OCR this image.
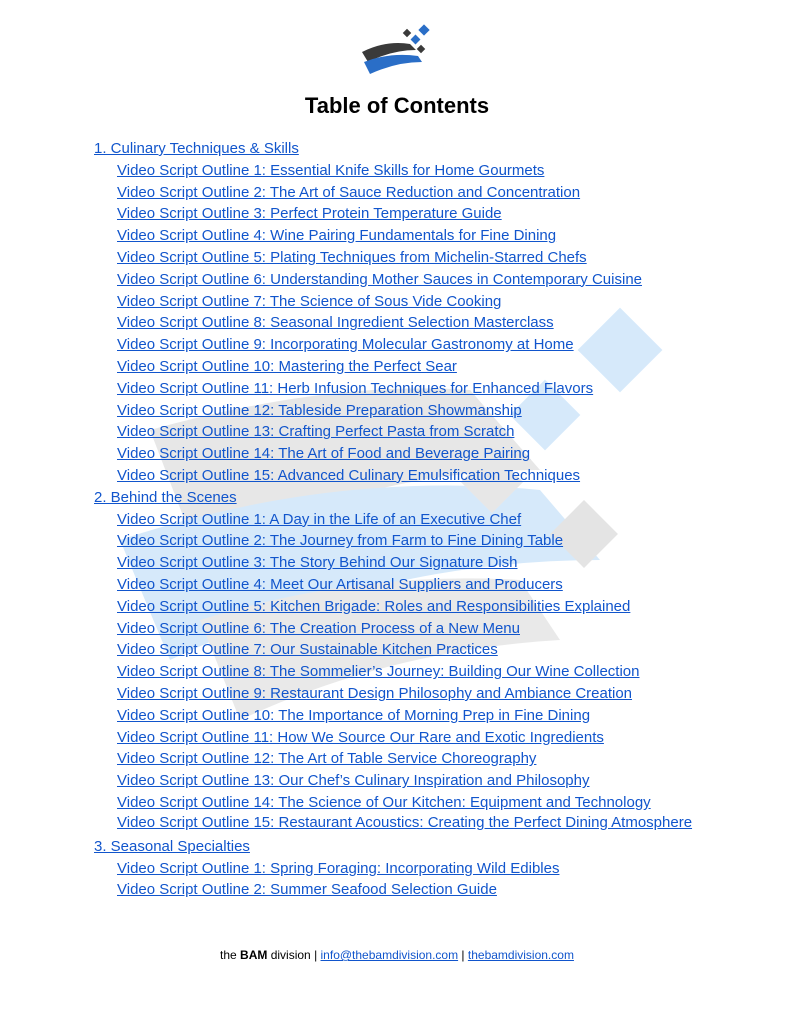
Table of Contents
1. Culinary Techniques & Skills
Video Script Outline 1: Essential Knife Skills for Home Gourmets
Video Script Outline 2: The Art of Sauce Reduction and Concentration
Video Script Outline 3: Perfect Protein Temperature Guide
Video Script Outline 4: Wine Pairing Fundamentals for Fine Dining
Video Script Outline 5: Plating Techniques from Michelin-Starred Chefs
Video Script Outline 6: Understanding Mother Sauces in Contemporary Cuisine
Video Script Outline 7: The Science of Sous Vide Cooking
Video Script Outline 8: Seasonal Ingredient Selection Masterclass
Video Script Outline 9: Incorporating Molecular Gastronomy at Home
Video Script Outline 10: Mastering the Perfect Sear
Video Script Outline 11: Herb Infusion Techniques for Enhanced Flavors
Video Script Outline 12: Tableside Preparation Showmanship
Video Script Outline 13: Crafting Perfect Pasta from Scratch
Video Script Outline 14: The Art of Food and Beverage Pairing
Video Script Outline 15: Advanced Culinary Emulsification Techniques
2. Behind the Scenes
Video Script Outline 1: A Day in the Life of an Executive Chef
Video Script Outline 2: The Journey from Farm to Fine Dining Table
Video Script Outline 3: The Story Behind Our Signature Dish
Video Script Outline 4: Meet Our Artisanal Suppliers and Producers
Video Script Outline 5: Kitchen Brigade: Roles and Responsibilities Explained
Video Script Outline 6: The Creation Process of a New Menu
Video Script Outline 7: Our Sustainable Kitchen Practices
Video Script Outline 8: The Sommelier’s Journey: Building Our Wine Collection
Video Script Outline 9: Restaurant Design Philosophy and Ambiance Creation
Video Script Outline 10: The Importance of Morning Prep in Fine Dining
Video Script Outline 11: How We Source Our Rare and Exotic Ingredients
Video Script Outline 12: The Art of Table Service Choreography
Video Script Outline 13: Our Chef’s Culinary Inspiration and Philosophy
Video Script Outline 14: The Science of Our Kitchen: Equipment and Technology
Video Script Outline 15: Restaurant Acoustics: Creating the Perfect Dining Atmosphere
3. Seasonal Specialties
Video Script Outline 1: Spring Foraging: Incorporating Wild Edibles
Video Script Outline 2: Summer Seafood Selection Guide
the BAM division | info@thebamdivision.com | thebamdivision.com
